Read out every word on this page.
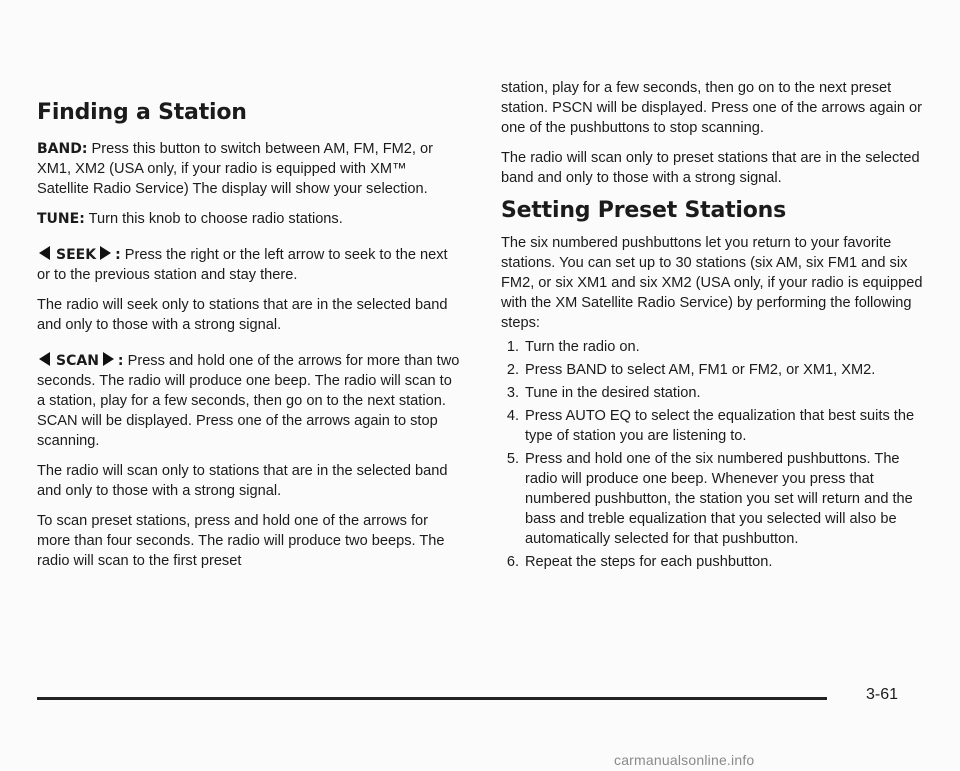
Finding a Station

BAND: Press this button to switch between AM, FM, FM2, or XM1, XM2 (USA only, if your radio is equipped with XM™ Satellite Radio Service) The display will show your selection.

TUNE: Turn this knob to choose radio stations.

SEEK : Press the right or the left arrow to seek to the next or to the previous station and stay there.

The radio will seek only to stations that are in the selected band and only to those with a strong signal.

SCAN : Press and hold one of the arrows for more than two seconds. The radio will produce one beep. The radio will scan to a station, play for a few seconds, then go on to the next station. SCAN will be displayed. Press one of the arrows again to stop scanning.

The radio will scan only to stations that are in the selected band and only to those with a strong signal.

To scan preset stations, press and hold one of the arrows for more than four seconds. The radio will produce two beeps. The radio will scan to the first preset

station, play for a few seconds, then go on to the next preset station. PSCN will be displayed. Press one of the arrows again or one of the pushbuttons to stop scanning.

The radio will scan only to preset stations that are in the selected band and only to those with a strong signal.

Setting Preset Stations

The six numbered pushbuttons let you return to your favorite stations. You can set up to 30 stations (six AM, six FM1 and six FM2, or six XM1 and six XM2 (USA only, if your radio is equipped with the XM Satellite Radio Service) by performing the following steps:

1. Turn the radio on.
2. Press BAND to select AM, FM1 or FM2, or XM1, XM2.
3. Tune in the desired station.
4. Press AUTO EQ to select the equalization that best suits the type of station you are listening to.
5. Press and hold one of the six numbered pushbuttons. The radio will produce one beep. Whenever you press that numbered pushbutton, the station you set will return and the bass and treble equalization that you selected will also be automatically selected for that pushbutton.
6. Repeat the steps for each pushbutton.
3-61
carmanualsonline.info
